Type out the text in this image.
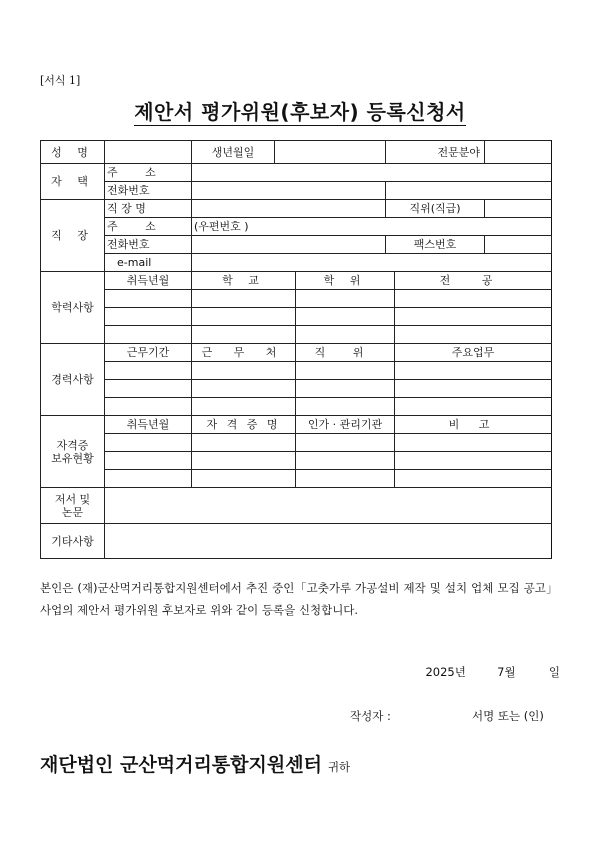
[서식 1]
제안서 평가위원(후보자) 등록신청서
성 명		생년월일			전문분야		
자 택	주 소						
	전화번호						
직 장	직 장 명				직위(직급)		
	주 소	(우편번호 )					
	전화번호				팩스번호		
	e-mail						
학력사항	취득년월	학 교		학 위		전 공	

경력사항	근무기간	근 무 처		직 위		주요업무	

자격증
보유현황	취득년월	자 격 증 명		인가 · 관리기관		비 고	

저서 및
논문							

기타사항							
본인은 (재)군산먹거리통합지원센터에서 추진 중인「고춧가루 가공설비 제작 및 설치 업체 모집 공고」사업의 제안서 평가위원 후보자로 위와 같이 등록을 신청합니다.
2025년	7월	일
작성자 :	서명 또는 (인)
재단법인 군산먹거리통합지원센터 귀하
